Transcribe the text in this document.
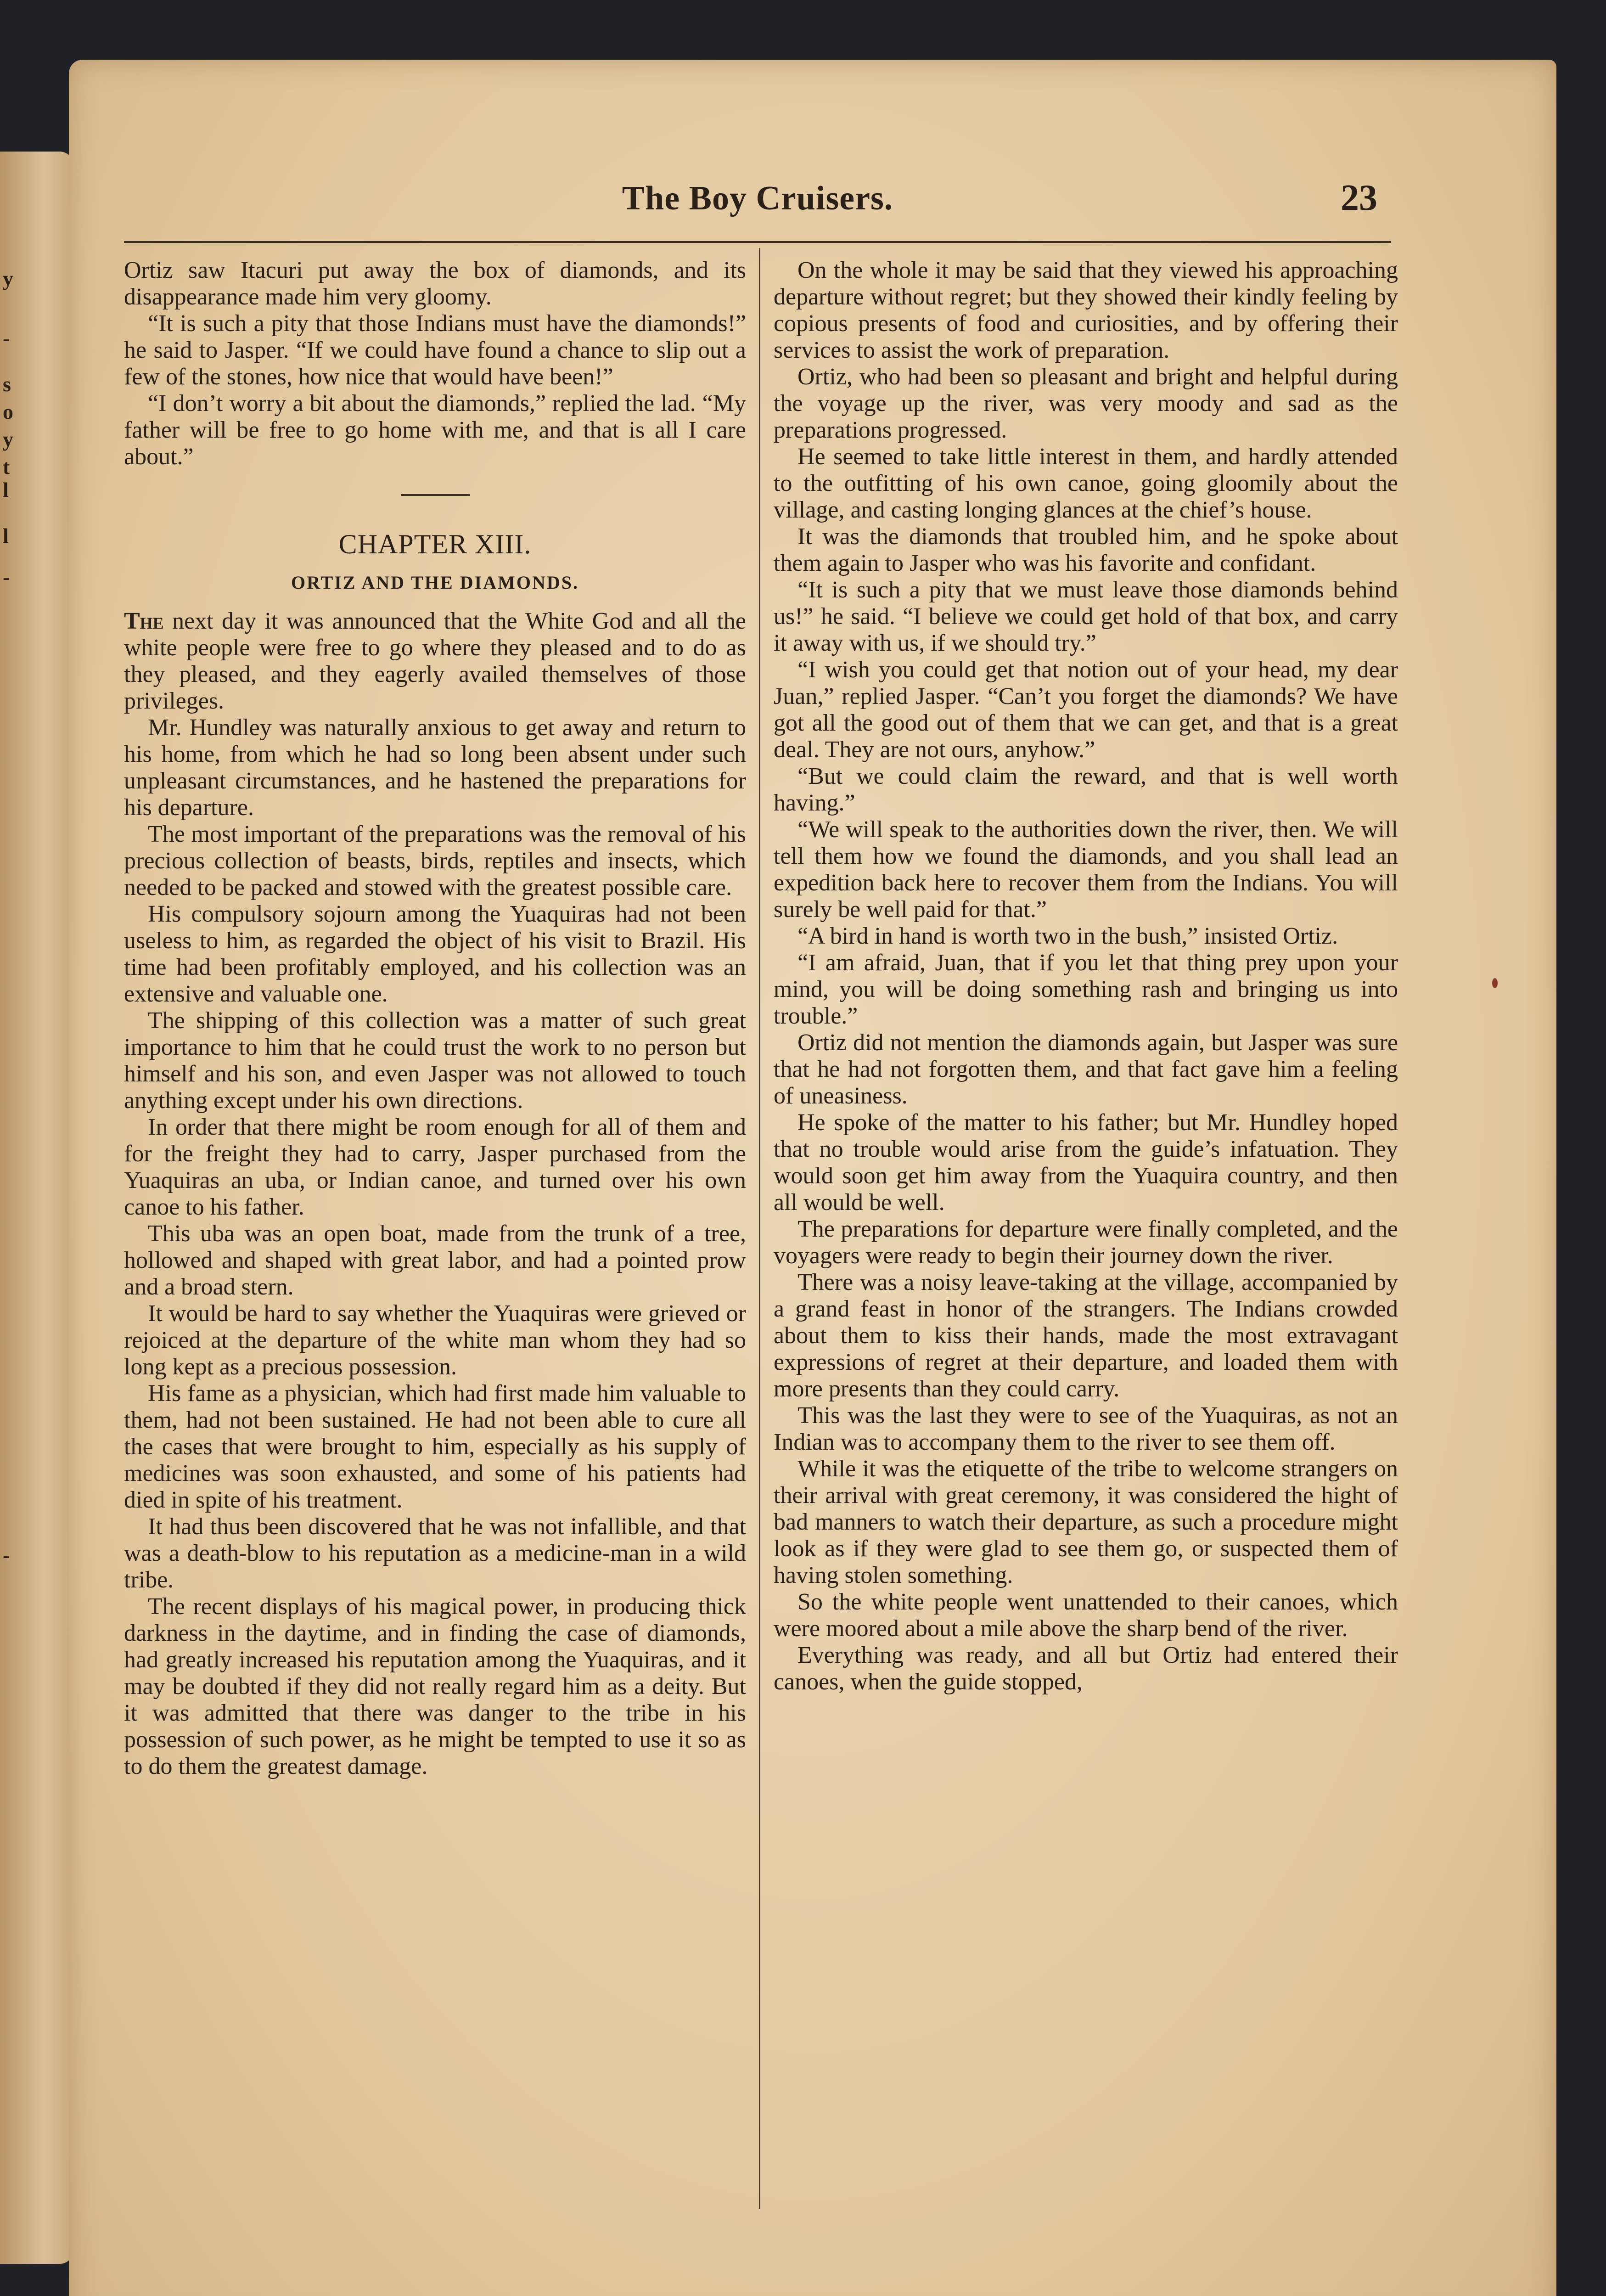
y
-
s
o
y
t
l
l
-
-
The Boy Cruisers.	23

Ortiz saw Itacuri put away the box of diamonds, and its disappearance made him very gloomy.

“It is such a pity that those Indians must have the diamonds!” he said to Jasper. “If we could have found a chance to slip out a few of the stones, how nice that would have been!”

“I don’t worry a bit about the diamonds,” replied the lad. “My father will be free to go home with me, and that is all I care about.”

CHAPTER XIII.
ORTIZ AND THE DIAMONDS.

The next day it was announced that the White God and all the white people were free to go where they pleased and to do as they pleased, and they eagerly availed themselves of those privileges.

Mr. Hundley was naturally anxious to get away and return to his home, from which he had so long been absent under such unpleasant circumstances, and he hastened the preparations for his departure.

The most important of the preparations was the removal of his precious collection of beasts, birds, reptiles and insects, which needed to be packed and stowed with the greatest possible care.

His compulsory sojourn among the Yuaquiras had not been useless to him, as regarded the object of his visit to Brazil. His time had been profitably employed, and his collection was an extensive and valuable one.

The shipping of this collection was a matter of such great importance to him that he could trust the work to no person but himself and his son, and even Jasper was not allowed to touch anything except under his own directions.

In order that there might be room enough for all of them and for the freight they had to carry, Jasper purchased from the Yuaquiras an uba, or Indian canoe, and turned over his own canoe to his father.

This uba was an open boat, made from the trunk of a tree, hollowed and shaped with great labor, and had a pointed prow and a broad stern.

It would be hard to say whether the Yuaquiras were grieved or rejoiced at the departure of the white man whom they had so long kept as a precious possession.

His fame as a physician, which had first made him valuable to them, had not been sustained. He had not been able to cure all the cases that were brought to him, especially as his supply of medicines was soon exhausted, and some of his patients had died in spite of his treatment.

It had thus been discovered that he was not infallible, and that was a death-blow to his reputation as a medicine-man in a wild tribe.

The recent displays of his magical power, in producing thick darkness in the daytime, and in finding the case of diamonds, had greatly increased his reputation among the Yuaquiras, and it may be doubted if they did not really regard him as a deity. But it was admitted that there was danger to the tribe in his possession of such power, as he might be tempted to use it so as to do them the greatest damage.

On the whole it may be said that they viewed his approaching departure without regret; but they showed their kindly feeling by copious presents of food and curiosities, and by offering their services to assist the work of preparation.

Ortiz, who had been so pleasant and bright and helpful during the voyage up the river, was very moody and sad as the preparations progressed.

He seemed to take little interest in them, and hardly attended to the outfitting of his own canoe, going gloomily about the village, and casting longing glances at the chief’s house.

It was the diamonds that troubled him, and he spoke about them again to Jasper who was his favorite and confidant.

“It is such a pity that we must leave those diamonds behind us!” he said. “I believe we could get hold of that box, and carry it away with us, if we should try.”

“I wish you could get that notion out of your head, my dear Juan,” replied Jasper. “Can’t you forget the diamonds? We have got all the good out of them that we can get, and that is a great deal. They are not ours, anyhow.”

“But we could claim the reward, and that is well worth having.”

“We will speak to the authorities down the river, then. We will tell them how we found the diamonds, and you shall lead an expedition back here to recover them from the Indians. You will surely be well paid for that.”

“A bird in hand is worth two in the bush,” insisted Ortiz.

“I am afraid, Juan, that if you let that thing prey upon your mind, you will be doing something rash and bringing us into trouble.”

Ortiz did not mention the diamonds again, but Jasper was sure that he had not forgotten them, and that fact gave him a feeling of uneasiness.

He spoke of the matter to his father; but Mr. Hundley hoped that no trouble would arise from the guide’s infatuation. They would soon get him away from the Yuaquira country, and then all would be well.

The preparations for departure were finally completed, and the voyagers were ready to begin their journey down the river.

There was a noisy leave-taking at the village, accompanied by a grand feast in honor of the strangers. The Indians crowded about them to kiss their hands, made the most extravagant expressions of regret at their departure, and loaded them with more presents than they could carry.

This was the last they were to see of the Yuaquiras, as not an Indian was to accompany them to the river to see them off.

While it was the etiquette of the tribe to welcome strangers on their arrival with great ceremony, it was considered the hight of bad manners to watch their departure, as such a procedure might look as if they were glad to see them go, or suspected them of having stolen something.

So the white people went unattended to their canoes, which were moored about a mile above the sharp bend of the river.

Everything was ready, and all but Ortiz had entered their canoes, when the guide stopped,
